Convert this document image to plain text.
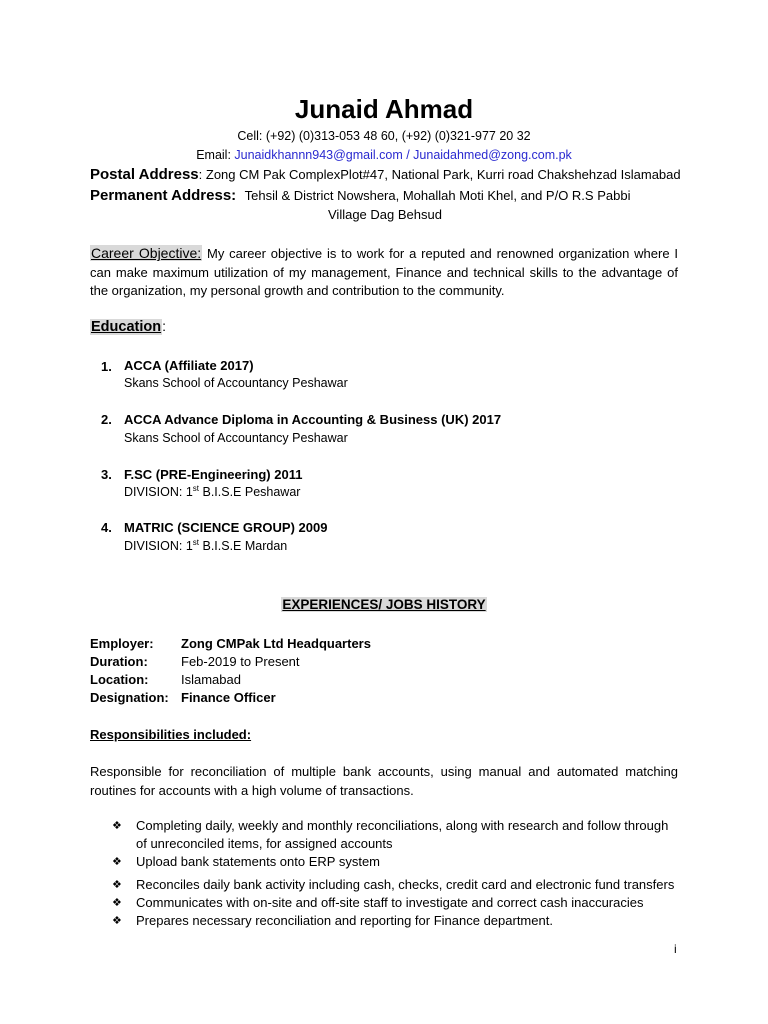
Junaid Ahmad
Cell: (+92) (0)313-053 48 60, (+92) (0)321-977 20 32
Email: Junaidkhannn943@gmail.com / Junaidahmed@zong.com.pk
Postal Address: Zong CM Pak ComplexPlot#47, National Park, Kurri road Chakshehzad Islamabad
Permanent Address: Tehsil & District Nowshera, Mohallah Moti Khel, and P/O R.S Pabbi
Village Dag Behsud
Career Objective: My career objective is to work for a reputed and renowned organization where I can make maximum utilization of my management, Finance and technical skills to the advantage of the organization, my personal growth and contribution to the community.
Education:
1. ACCA (Affiliate 2017)
Skans School of Accountancy Peshawar
2. ACCA Advance Diploma in Accounting & Business (UK) 2017
Skans School of Accountancy Peshawar
3. F.SC (PRE-Engineering) 2011
DIVISION: 1st B.I.S.E Peshawar
4. MATRIC (SCIENCE GROUP) 2009
DIVISION: 1st B.I.S.E Mardan
EXPERIENCES/ JOBS HISTORY
Employer: Zong CMPak Ltd Headquarters
Duration:	Feb-2019 to Present
Location:	Islamabad
Designation: Finance Officer
Responsibilities included:
Responsible for reconciliation of multiple bank accounts, using manual and automated matching routines for accounts with a high volume of transactions.
❖ Completing daily, weekly and monthly reconciliations, along with research and follow through of unreconciled items, for assigned accounts
❖ Upload bank statements onto ERP system
❖ Reconciles daily bank activity including cash, checks, credit card and electronic fund transfers
❖ Communicates with on-site and off-site staff to investigate and correct cash inaccuracies
❖ Prepares necessary reconciliation and reporting for Finance department.
i
